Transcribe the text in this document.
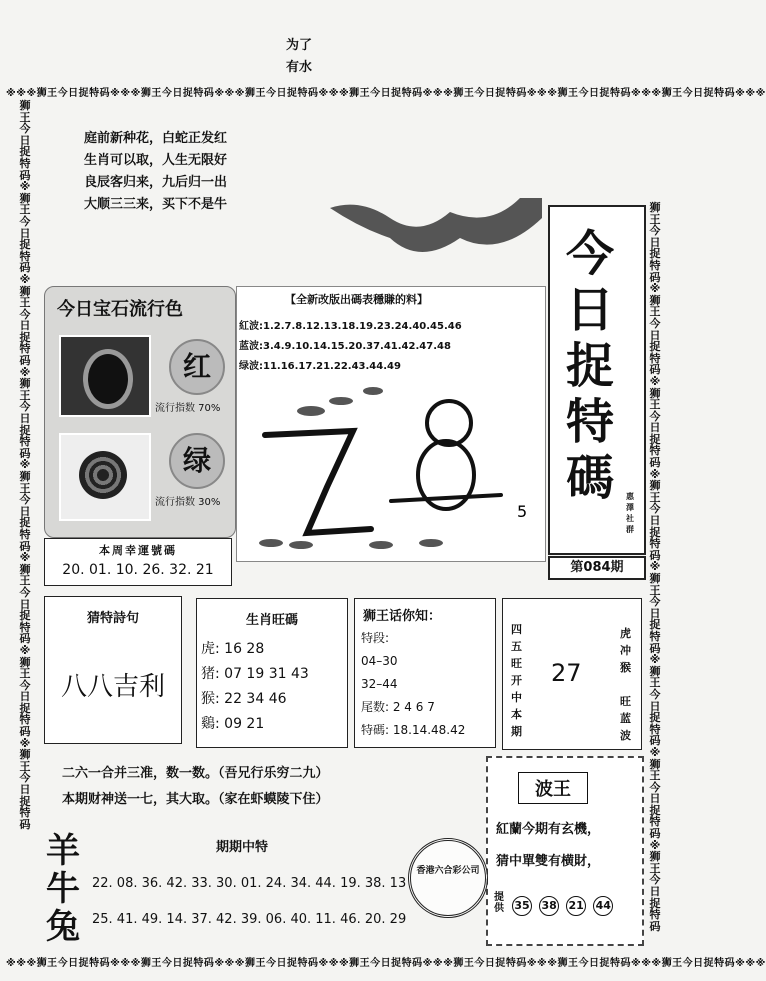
为了
有水
※※※狮王今日捉特码※※※狮王今日捉特码※※※狮王今日捉特码※※※狮王今日捉特码※※※狮王今日捉特码※※※狮王今日捉特码※※※狮王今日捉特码※※※
※※※狮王今日捉特码※※※狮王今日捉特码※※※狮王今日捉特码※※※狮王今日捉特码※※※狮王今日捉特码※※※狮王今日捉特码※※※狮王今日捉特码※※※
狮王今日捉特码※狮王今日捉特码※狮王今日捉特码※狮王今日捉特码※狮王今日捉特码※狮王今日捉特码※狮王今日捉特码※狮王今日捉特码
狮王今日捉特码※狮王今日捉特码※狮王今日捉特码※狮王今日捉特码※狮王今日捉特码※狮王今日捉特码※狮王今日捉特码※狮王今日捉特码
庭前新种花，白蛇正发红
生肖可以取，人生无限好
良辰客归来，九后归一出
大顺三三来，买下不是牛
今
日
捉
特
碼 惠
澤
社
群
第084期
今日宝石流行色
红
流行指数 70%
绿
流行指数 30%
本周幸運號碼
20. 01. 10. 26. 32. 21
【全新改版出碼表穩賺的料】
紅波:1.2.7.8.12.13.18.19.23.24.40.45.46
蓝波:3.4.9.10.14.15.20.37.41.42.47.48
绿波:11.16.17.21.22.43.44.49
5
猜特詩句
八八吉利
生肖旺碼
虎: 16 28
猪: 07 19 31 43
猴: 22 34 46
鷄: 09 21
狮王话你知：
特段:
04–30
32–44
尾数: 2 4 6 7
特碼: 18.14.48.42
四
五
旺
开
中
本
期
27
虎
冲
猴

旺
蓝
波
二六一合并三准，数一数。（吾兄行乐穷二九）
本期财神送一七，其大取。（家在虾蟆陵下住）	波王
紅蘭今期有玄機，
猜中單雙有横財，
提供 35 38 21 44
香港六合彩公司
羊
牛
兔
期期中特
22. 08. 36. 42. 33. 30. 01. 24. 34. 44. 19. 38. 13
25. 41. 49. 14. 37. 42. 39. 06. 40. 11. 46. 20. 29
